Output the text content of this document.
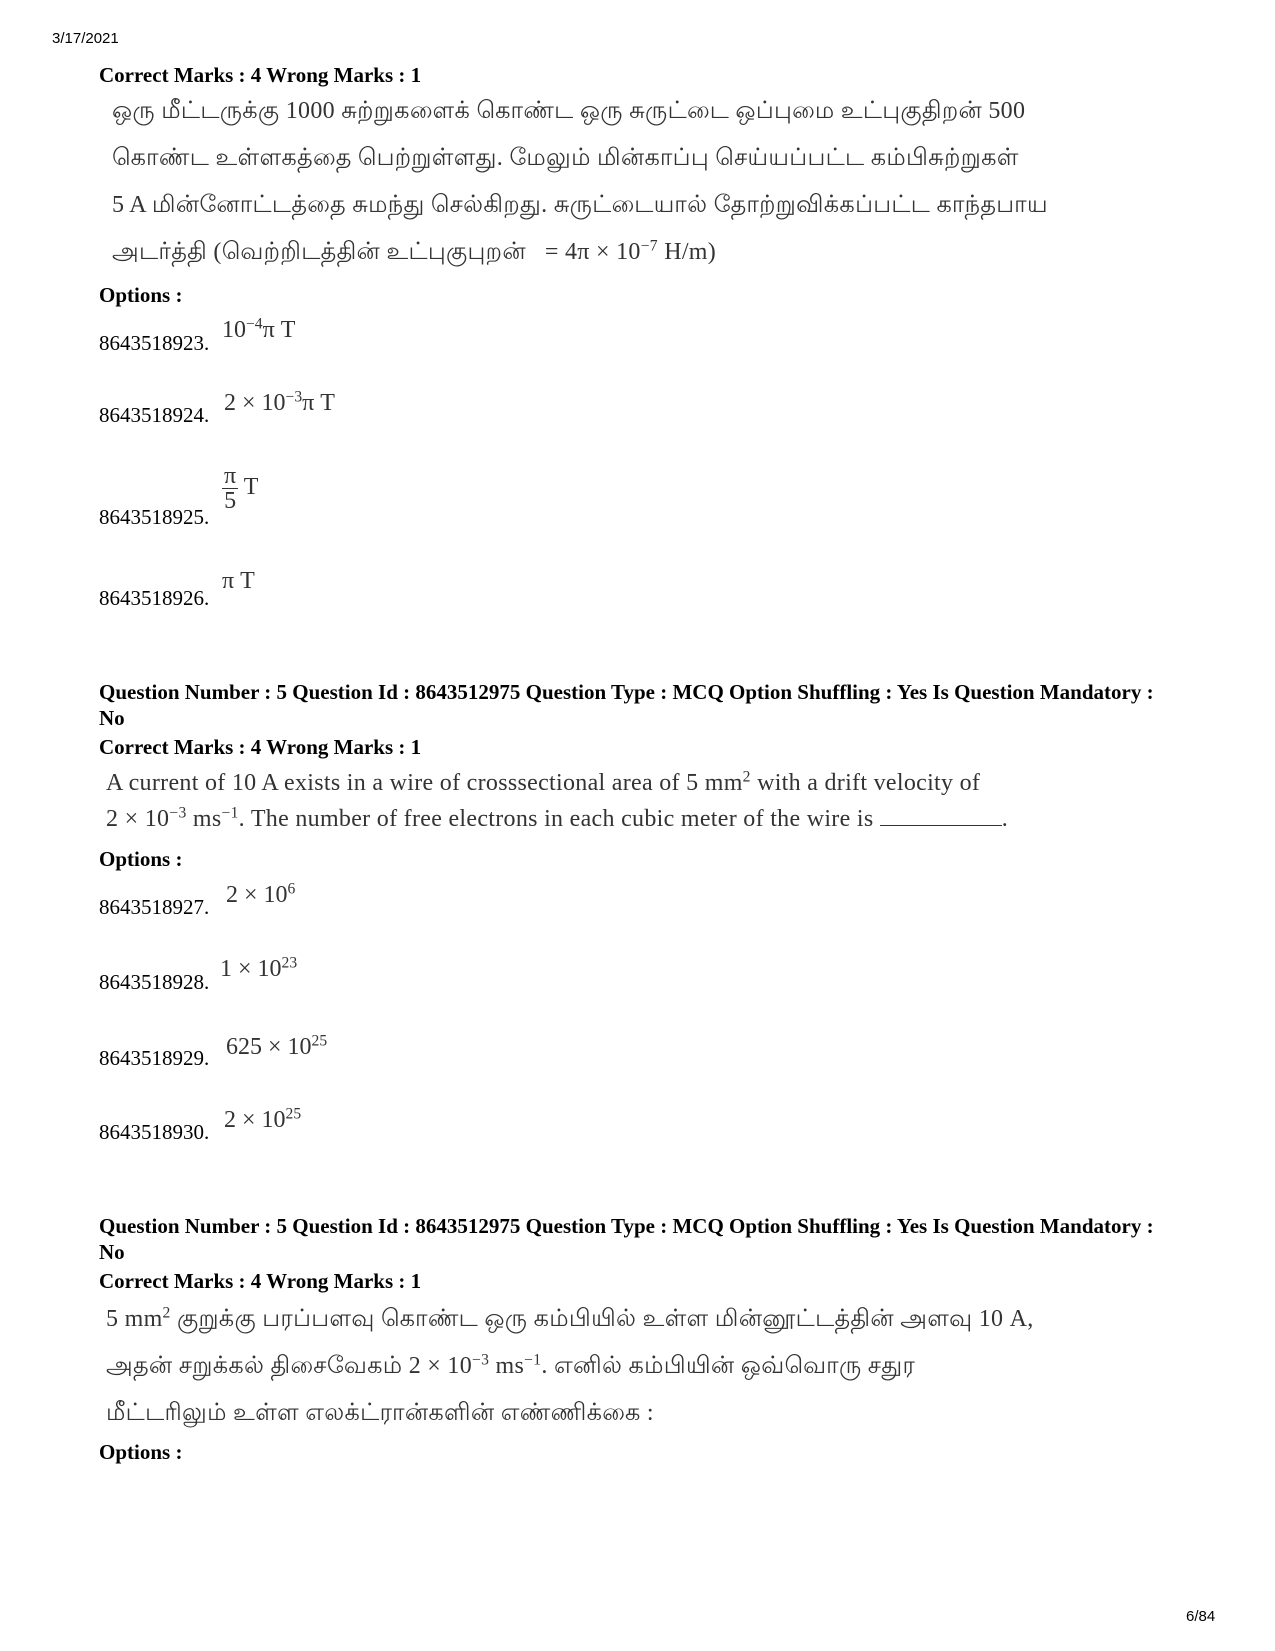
3/17/2021
Correct Marks : 4 Wrong Marks : 1

ஒரு மீட்டருக்கு 1000 சுற்றுகளைக் கொண்ட ஒரு சுருட்டை ஒப்புமை உட்புகுதிறன் 500

கொண்ட உள்ளகத்தை பெற்றுள்ளது. மேலும் மின்காப்பு செய்யப்பட்ட கம்பிசுற்றுகள்

5 A மின்னோட்டத்தை சுமந்து செல்கிறது. சுருட்டையால் தோற்றுவிக்கப்பட்ட காந்தபாய

அடர்த்தி (வெற்றிடத்தின் உட்புகுபுறன் = $4\pi \times 10^{-7}$ H/m)

Options :
8643518923. $10^{-4}\pi$ T
8643518924. $2 \times 10^{-3}\pi$ T
8643518925.
$\frac{\pi}{5}$ T
8643518926.
π T
Question Number : 5 Question Id : 8643512975 Question Type : MCQ Option Shuffling : Yes Is Question Mandatory : No
Correct Marks : 4 Wrong Marks : 1

A current of 10 A exists in a wire of crosssectional area of 5 $mm^2$ with a drift velocity of

$2 \times 10^{-3}$ $ms^{-1}$. The number of free electrons in each cubic meter of the wire is	.

Options :
8643518927. $2 \times 10^6$
8643518928. $1 \times 10^{23}$
8643518929. $625 \times 10^{25}$
8643518930. $2 \times 10^{25}$
Question Number : 5 Question Id : 8643512975 Question Type : MCQ Option Shuffling : Yes Is Question Mandatory : No
Correct Marks : 4 Wrong Marks : 1

5 $mm^2$ குறுக்கு பரப்பளவு கொண்ட ஒரு கம்பியில் உள்ள மின்னூட்டத்தின் அளவு 10 A,

அதன் சறுக்கல் திசைவேகம் $2 \times 10^{-3}$ $ms^{-1}$. எனில் கம்பியின் ஒவ்வொரு சதுர

மீட்டரிலும் உள்ள எலக்ட்ரான்களின் எண்ணிக்கை :

Options :
6/84
